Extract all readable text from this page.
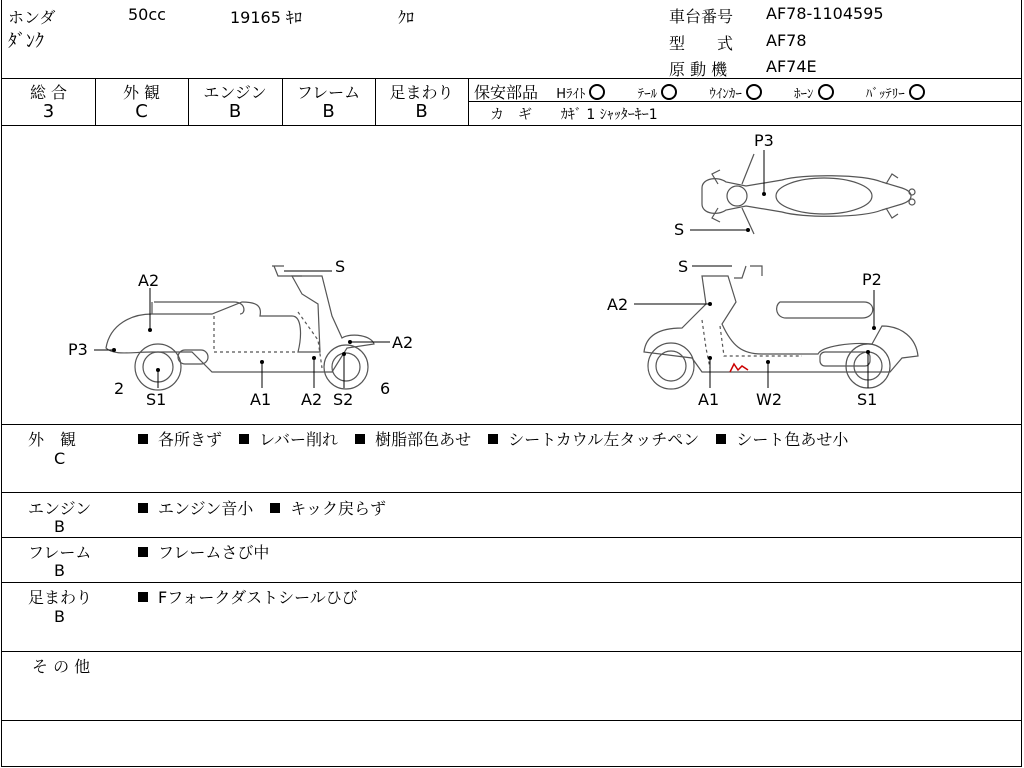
ホンダ	50cc	19165 ｷﾛ	ｸﾛ
ﾀﾞﾝｸ
車台番号 AF78-1104595
型　　式 AF78
原 動 機 AF74E
総 合
3
外 観
C
エンジン
B
フレーム
B
足まわり
B
保安部品 Hﾗｲﾄ	ﾃｰﾙ	ｳｲﾝｶｰ	ﾎｰﾝ	ﾊﾞｯﾃﾘｰ
カ　ギ ｶｷﾞ 1 ｼｬｯﾀｰｷｰ1
A2
S
P3	A2
2
S1	A1 A2 S2
6
S
P2
A2
A1 W2	S1
P3
S
外　観
C
各所きず レバー削れ 樹脂部色あせ シートカウル左タッチペン シート色あせ小
エンジン
B
エンジン音小 キック戻らず
フレーム
B
フレームさび中
足まわり
B
Fフォークダストシールひび
そ の 他
